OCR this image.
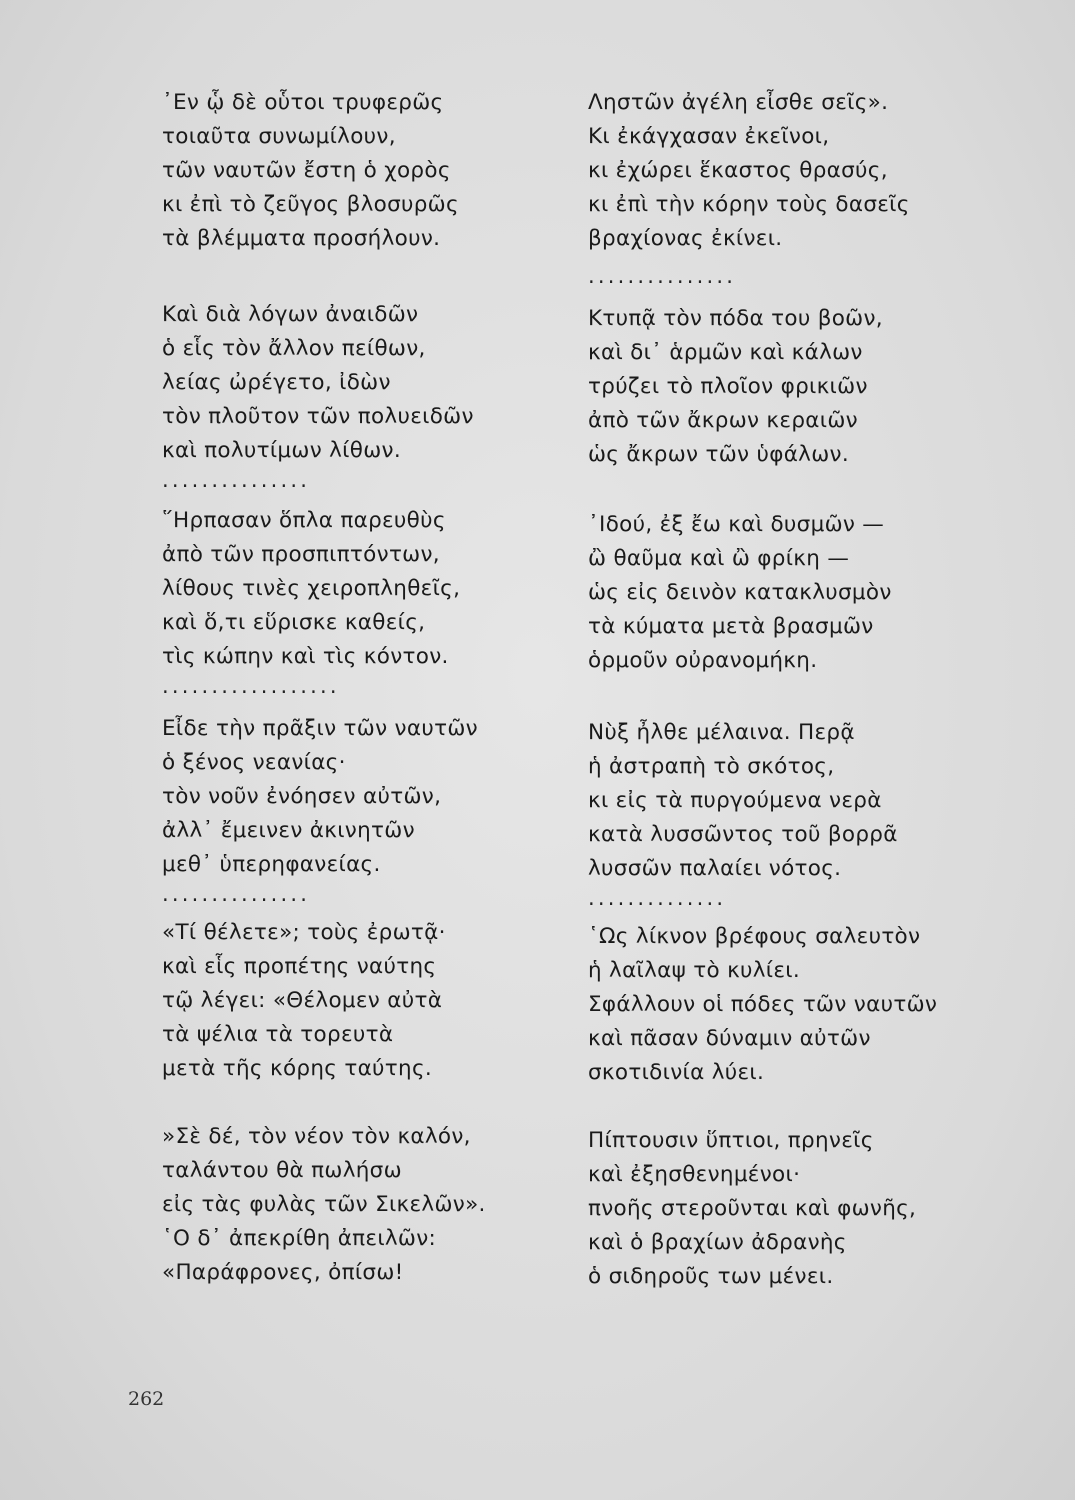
᾿Εν ᾧ δὲ οὗτοι τρυφερῶς
τοιαῦτα συνωμίλουν,
τῶν ναυτῶν ἔστη ὁ χορὸς
κι ἐπὶ τὸ ζεῦγος βλοσυρῶς
τὰ βλέμματα προσήλουν.
Καὶ διὰ λόγων ἀναιδῶν
ὁ εἷς τὸν ἄλλον πείθων,
λείας ὠρέγετο, ἰδὼν
τὸν πλοῦτον τῶν πολυειδῶν
καὶ πολυτίμων λίθων.
...............
῞Ηρπασαν ὅπλα παρευθὺς
ἀπὸ τῶν προσπιπτόντων,
λίθους τινὲς χειροπληθεῖς,
καὶ ὅ,τι εὕρισκε καθείς,
τὶς κώπην καὶ τὶς κόντον.
..................
Εἶδε τὴν πρᾶξιν τῶν ναυτῶν
ὁ ξένος νεανίας·
τὸν νοῦν ἐνόησεν αὐτῶν,
ἀλλ᾽ ἔμεινεν ἀκινητῶν
μεθ᾽ ὑπερηφανείας.
...............
«Τί θέλετε»; τοὺς ἐρωτᾷ·
καὶ εἷς προπέτης ναύτης
τῷ λέγει: «Θέλομεν αὐτὰ
τὰ ψέλια τὰ τορευτὰ
μετὰ τῆς κόρης ταύτης.
»Σὲ δέ, τὸν νέον τὸν καλόν,
ταλάντου θὰ πωλήσω
εἰς τὰς φυλὰς τῶν Σικελῶν».
῾Ο δ᾽ ἀπεκρίθη ἀπειλῶν:
«Παράφρονες, ὀπίσω!
Ληστῶν ἀγέλη εἶσθε σεῖς».
Κι ἐκάγχασαν ἐκεῖνοι,
κι ἐχώρει ἕκαστος θρασύς,
κι ἐπὶ τὴν κόρην τοὺς δασεῖς
βραχίονας ἐκίνει.
...............
Κτυπᾷ τὸν πόδα του βοῶν,
καὶ δι᾽ ἁρμῶν καὶ κάλων
τρύζει τὸ πλοῖον φρικιῶν
ἀπὸ τῶν ἄκρων κεραιῶν
ὡς ἄκρων τῶν ὑφάλων.
᾿Ιδού, ἐξ ἔω καὶ δυσμῶν —
ὢ θαῦμα καὶ ὢ φρίκη —
ὡς εἰς δεινὸν κατακλυσμὸν
τὰ κύματα μετὰ βρασμῶν
ὁρμοῦν οὐρανομήκη.
Νὺξ ἦλθε μέλαινα. Περᾷ
ἡ ἀστραπὴ τὸ σκότος,
κι εἰς τὰ πυργούμενα νερὰ
κατὰ λυσσῶντος τοῦ βορρᾶ
λυσσῶν παλαίει νότος.
..............
῾Ως λίκνον βρέφους σαλευτὸν
ἡ λαῖλαψ τὸ κυλίει.
Σφάλλουν οἱ πόδες τῶν ναυτῶν
καὶ πᾶσαν δύναμιν αὐτῶν
σκοτιδινία λύει.
Πίπτουσιν ὕπτιοι, πρηνεῖς
καὶ ἐξησθενημένοι·
πνοῆς στεροῦνται καὶ φωνῆς,
καὶ ὁ βραχίων ἀδρανὴς
ὁ σιδηροῦς των μένει.
262
